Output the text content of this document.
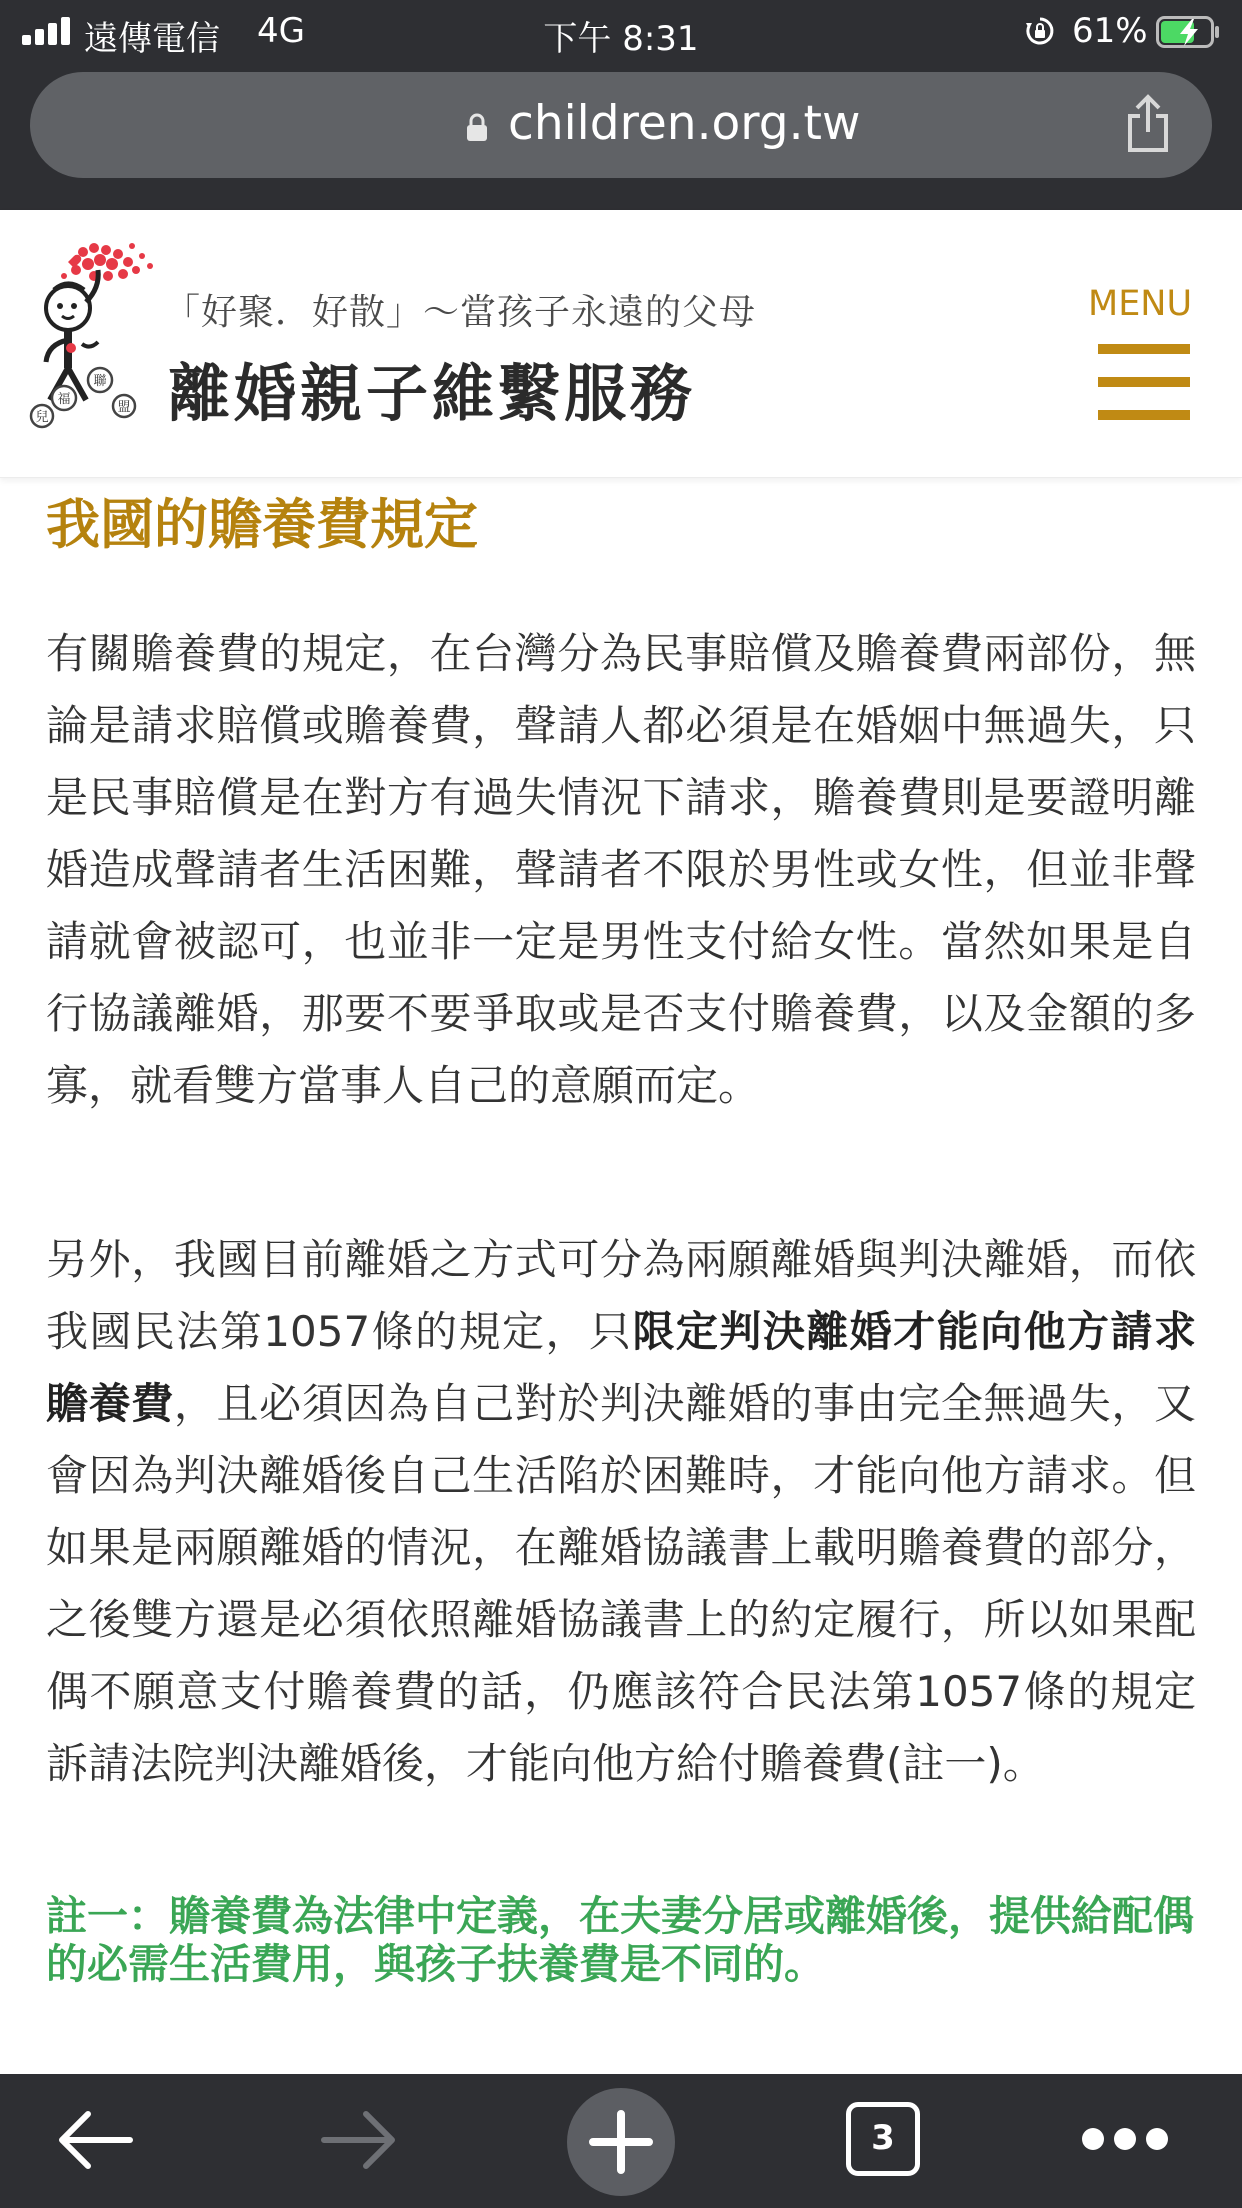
遠傳電信 4G	下午 8:31	61%
children.org.tw
兒
福
聯
盟
「好聚．好散」～當孩子永遠的父母
離婚親子維繫服務
MENU
我國的贍養費規定

有關贍養費的規定，在台灣分為民事賠償及贍養費兩部份，無論是請求賠償或贍養費，聲請人都必須是在婚姻中無過失，只是民事賠償是在對方有過失情況下請求，贍養費則是要證明離婚造成聲請者生活困難，聲請者不限於男性或女性，但並非聲請就會被認可，也並非一定是男性支付給女性。當然如果是自行協議離婚，那要不要爭取或是否支付贍養費，以及金額的多寡，就看雙方當事人自己的意願而定。

另外，我國目前離婚之方式可分為兩願離婚與判決離婚，而依我國民法第1057條的規定，只限定判決離婚才能向他方請求贍養費，且必須因為自己對於判決離婚的事由完全無過失，又會因為判決離婚後自己生活陷於困難時，才能向他方請求。但如果是兩願離婚的情況，在離婚協議書上載明贍養費的部分，之後雙方還是必須依照離婚協議書上的約定履行，所以如果配偶不願意支付贍養費的話，仍應該符合民法第1057條的規定訴請法院判決離婚後，才能向他方給付贍養費(註一)。

註一：贍養費為法律中定義，在夫妻分居或離婚後，提供給配偶的必需生活費用，與孩子扶養費是不同的。

3
